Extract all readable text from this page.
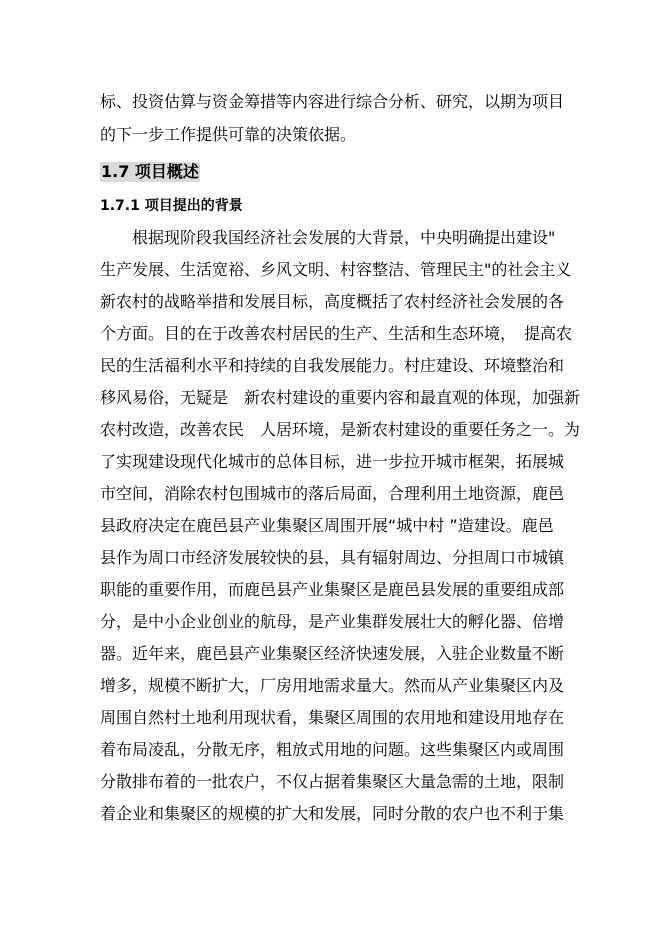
标、投资估算与资金筹措等内容进行综合分析、研究，以期为项目
的下一步工作提供可靠的决策依据。
1.7 项目概述
1.7.1 项目提出的背景
　　根据现阶段我国经济社会发展的大背景，中央明确提出建设"
生产发展、生活宽裕、乡风文明、村容整洁、管理民主"的社会主义
新农村的战略举措和发展目标，高度概括了农村经济社会发展的各
个方面。目的在于改善农村居民的生产、生活和生态环境，　提高农
民的生活福利水平和持续的自我发展能力。村庄建设、环境整治和
移风易俗，无疑是　新农村建设的重要内容和最直观的体现，加强新
农村改造，改善农民　人居环境，是新农村建设的重要任务之一。为
了实现建设现代化城市的总体目标，进一步拉开城市框架，拓展城
市空间，消除农村包围城市的落后局面，合理利用土地资源，鹿邑
县政府决定在鹿邑县产业集聚区周围开展“城中村 ”造建设。鹿邑
县作为周口市经济发展较快的县，具有辐射周边、分担周口市城镇
职能的重要作用，而鹿邑县产业集聚区是鹿邑县发展的重要组成部
分，是中小企业创业的航母，是产业集群发展壮大的孵化器、倍增
器。近年来，鹿邑县产业集聚区经济快速发展，入驻企业数量不断
增多，规模不断扩大，厂房用地需求量大。然而从产业集聚区内及
周围自然村土地利用现状看，集聚区周围的农用地和建设用地存在
着布局凌乱，分散无序，粗放式用地的问题。这些集聚区内或周围
分散排布着的一批农户，不仅占据着集聚区大量急需的土地，限制
着企业和集聚区的规模的扩大和发展，同时分散的农户也不利于集
